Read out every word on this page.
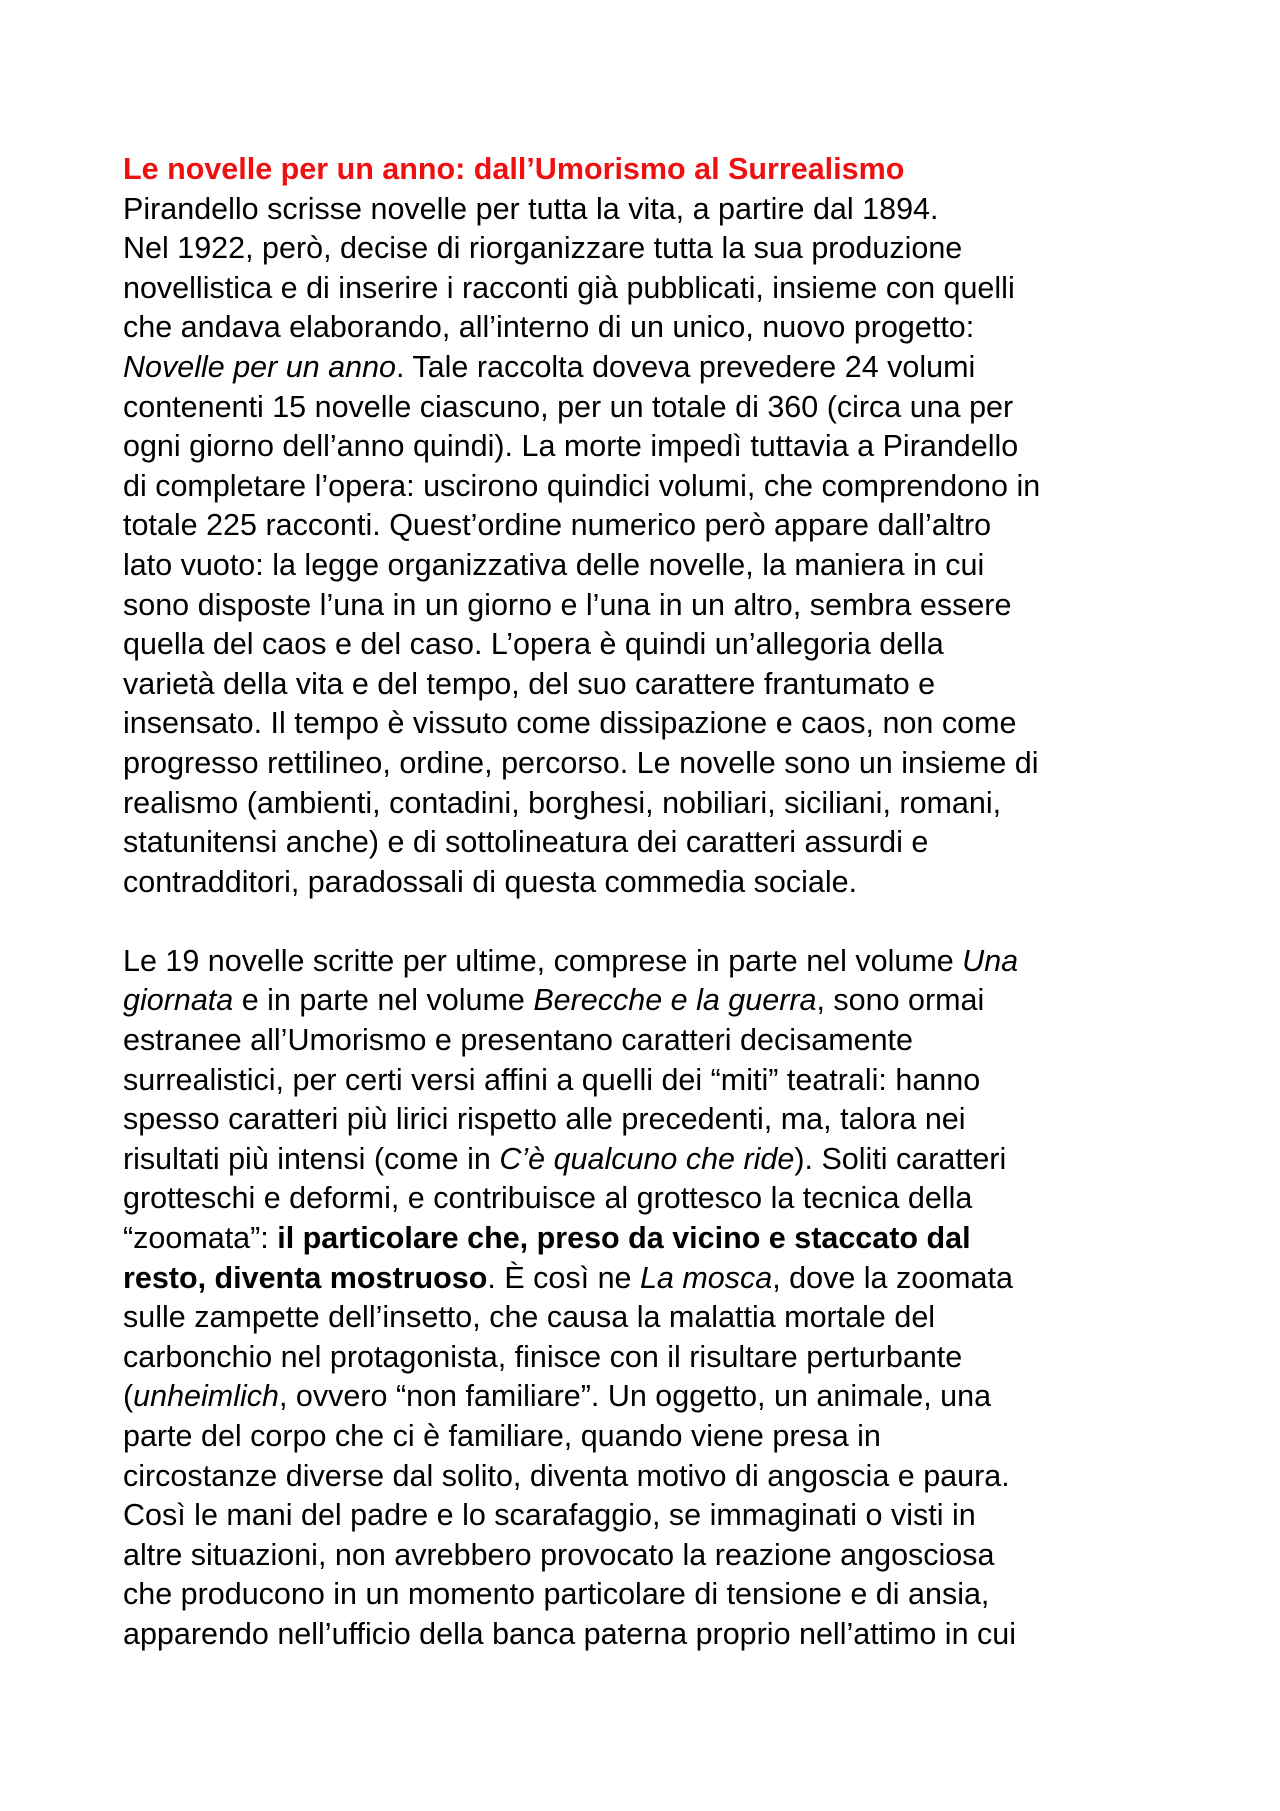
Le novelle per un anno: dall’Umorismo al Surrealismo
Pirandello scrisse novelle per tutta la vita, a partire dal 1894.
Nel 1922, però, decise di riorganizzare tutta la sua produzione
novellistica e di inserire i racconti già pubblicati, insieme con quelli
che andava elaborando, all’interno di un unico, nuovo progetto:
Novelle per un anno. Tale raccolta doveva prevedere 24 volumi
contenenti 15 novelle ciascuno, per un totale di 360 (circa una per
ogni giorno dell’anno quindi). La morte impedì tuttavia a Pirandello
di completare l’opera: uscirono quindici volumi, che comprendono in
totale 225 racconti. Quest’ordine numerico però appare dall’altro
lato vuoto: la legge organizzativa delle novelle, la maniera in cui
sono disposte l’una in un giorno e l’una in un altro, sembra essere
quella del caos e del caso. L’opera è quindi un’allegoria della
varietà della vita e del tempo, del suo carattere frantumato e
insensato. Il tempo è vissuto come dissipazione e caos, non come
progresso rettilineo, ordine, percorso. Le novelle sono un insieme di
realismo (ambienti, contadini, borghesi, nobiliari, siciliani, romani,
statunitensi anche) e di sottolineatura dei caratteri assurdi e
contradditori, paradossali di questa commedia sociale.
Le 19 novelle scritte per ultime, comprese in parte nel volume Una
giornata e in parte nel volume Berecche e la guerra, sono ormai
estranee all’Umorismo e presentano caratteri decisamente
surrealistici, per certi versi affini a quelli dei “miti” teatrali: hanno
spesso caratteri più lirici rispetto alle precedenti, ma, talora nei
risultati più intensi (come in C’è qualcuno che ride). Soliti caratteri
grotteschi e deformi, e contribuisce al grottesco la tecnica della
“zoomata”: il particolare che, preso da vicino e staccato dal
resto, diventa mostruoso. È così ne La mosca, dove la zoomata
sulle zampette dell’insetto, che causa la malattia mortale del
carbonchio nel protagonista, finisce con il risultare perturbante
(unheimlich, ovvero “non familiare”. Un oggetto, un animale, una
parte del corpo che ci è familiare, quando viene presa in
circostanze diverse dal solito, diventa motivo di angoscia e paura.
Così le mani del padre e lo scarafaggio, se immaginati o visti in
altre situazioni, non avrebbero provocato la reazione angosciosa
che producono in un momento particolare di tensione e di ansia,
apparendo nell’ufficio della banca paterna proprio nell’attimo in cui
